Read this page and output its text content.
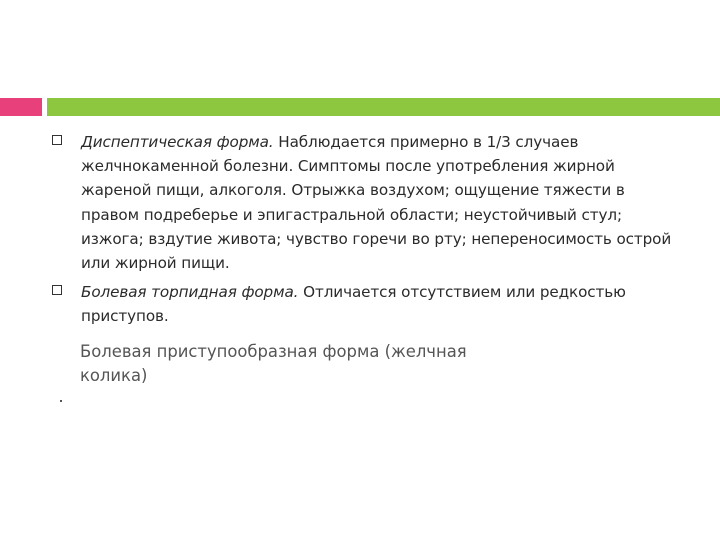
Диспептическая форма. Наблюдается примерно в 1/3 случаев желчнокаменной болезни. Симптомы после употребления жирной жареной пищи, алкоголя. Отрыжка воздухом; ощущение тяжести в правом подреберье и эпигастральной области; неустойчивый стул; изжога; вздутие живота; чувство горечи во рту; непереносимость острой или жирной пищи.
Болевая торпидная форма. Отличается отсутствием или редкостью приступов.
Болевая приступообразная форма (желчная колика)
